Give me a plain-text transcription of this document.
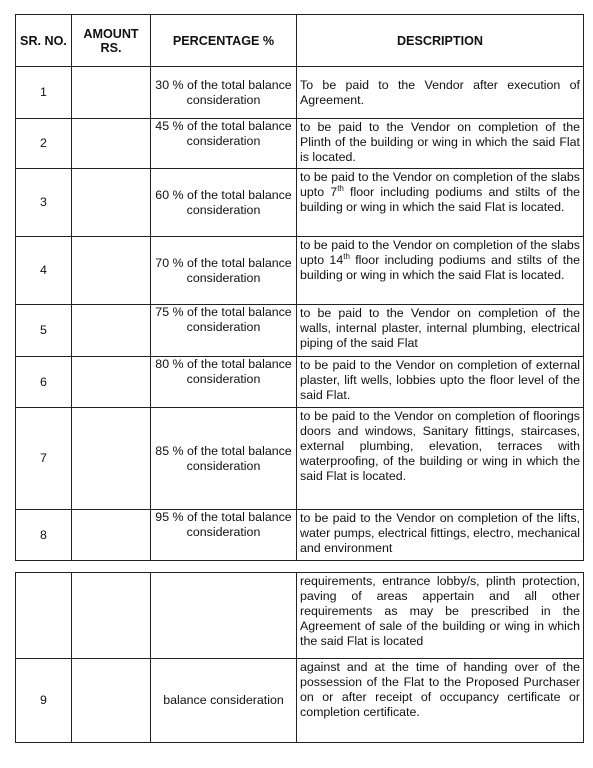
SR. NO.	AMOUNT RS.	PERCENTAGE %	DESCRIPTION
1		30 % of the total balance consideration	To be paid to the Vendor after execution of Agreement.
2		45 % of the total balance consideration	to be paid to the Vendor on completion of the Plinth of the building or wing in which the said Flat is located.
3		60 % of the total balance consideration	to be paid to the Vendor on completion of the slabs upto 7th floor including podiums and stilts of the building or wing in which the said Flat is located.
4		70 % of the total balance consideration	to be paid to the Vendor on completion of the slabs upto 14th floor including podiums and stilts of the building or wing in which the said Flat is located.
5		75 % of the total balance consideration	to be paid to the Vendor on completion of the walls, internal plaster, internal plumbing, electrical piping of the said Flat
6		80 % of the total balance consideration	to be paid to the Vendor on completion of external plaster, lift wells, lobbies upto the floor level of the said Flat.
7		85 % of the total balance consideration	to be paid to the Vendor on completion of floorings doors and windows, Sanitary fittings, staircases, external plumbing, elevation, terraces with waterproofing, of the building or wing in which the said Flat is located.
8		95 % of the total balance consideration	to be paid to the Vendor on completion of the lifts, water pumps, electrical fittings, electro, mechanical and environment
			requirements, entrance lobby/s, plinth protection, paving of areas appertain and all other requirements as may be prescribed in the Agreement of sale of the building or wing in which the said Flat is located
9		balance consideration	against and at the time of handing over of the possession of the Flat to the Proposed Purchaser on or after receipt of occupancy certificate or completion certificate.
